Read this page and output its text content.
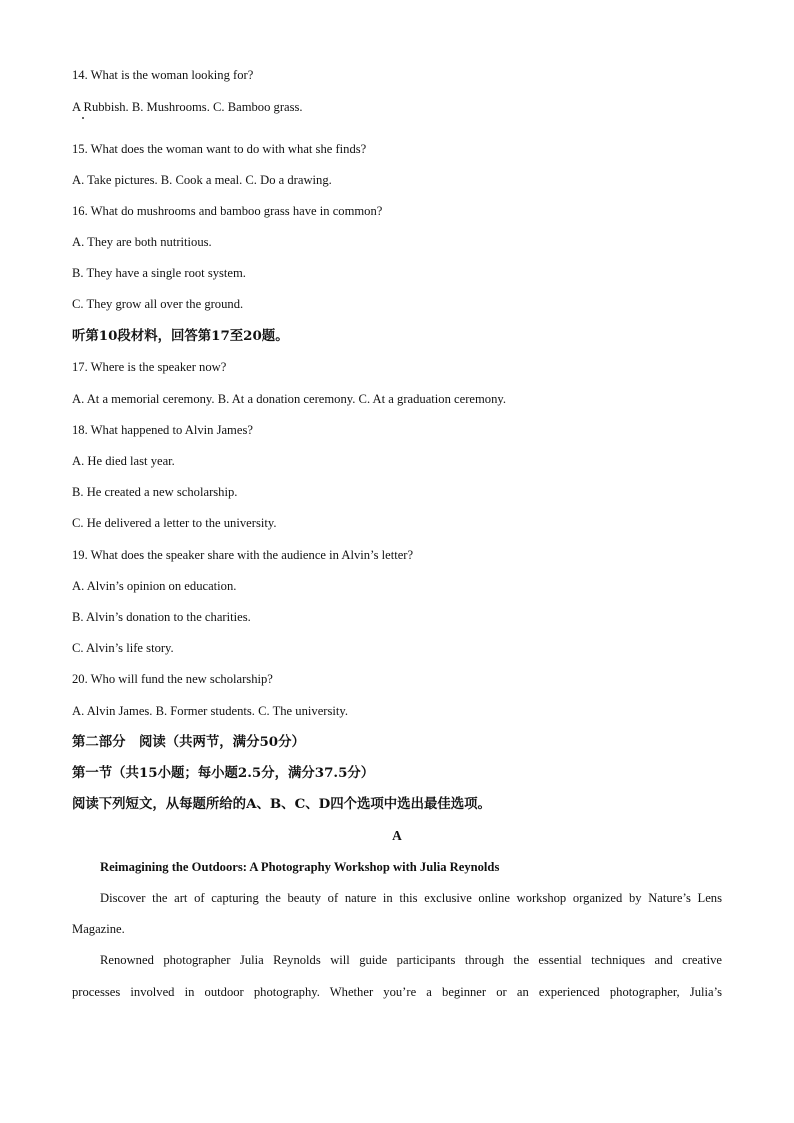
14. What is the woman looking for?
A Rubbish. B. Mushrooms. C. Bamboo grass.
15. What does the woman want to do with what she finds?
A. Take pictures. B. Cook a meal. C. Do a drawing.
16. What do mushrooms and bamboo grass have in common?
A. They are both nutritious.
B. They have a single root system.
C. They grow all over the ground.
听第10段材料，回答第17至20题。
17. Where is the speaker now?
A. At a memorial ceremony. B. At a donation ceremony. C. At a graduation ceremony.
18. What happened to Alvin James?
A. He died last year.
B. He created a new scholarship.
C. He delivered a letter to the university.
19. What does the speaker share with the audience in Alvin’s letter?
A. Alvin’s opinion on education.
B. Alvin’s donation to the charities.
C. Alvin’s life story.
20. Who will fund the new scholarship?
A. Alvin James. B. Former students. C. The university.
第二部分　阅读（共两节，满分50分）
第一节（共15小题；每小题2.5分，满分37.5分）
阅读下列短文，从每题所给的A、B、C、D四个选项中选出最佳选项。
A
Reimagining the Outdoors: A Photography Workshop with Julia Reynolds
Discover the art of capturing the beauty of nature in this exclusive online workshop organized by Nature’s Lens
Magazine.
Renowned photographer Julia Reynolds will guide participants through the essential techniques and creative
processes involved in outdoor photography. Whether you’re a beginner or an experienced photographer, Julia’s
